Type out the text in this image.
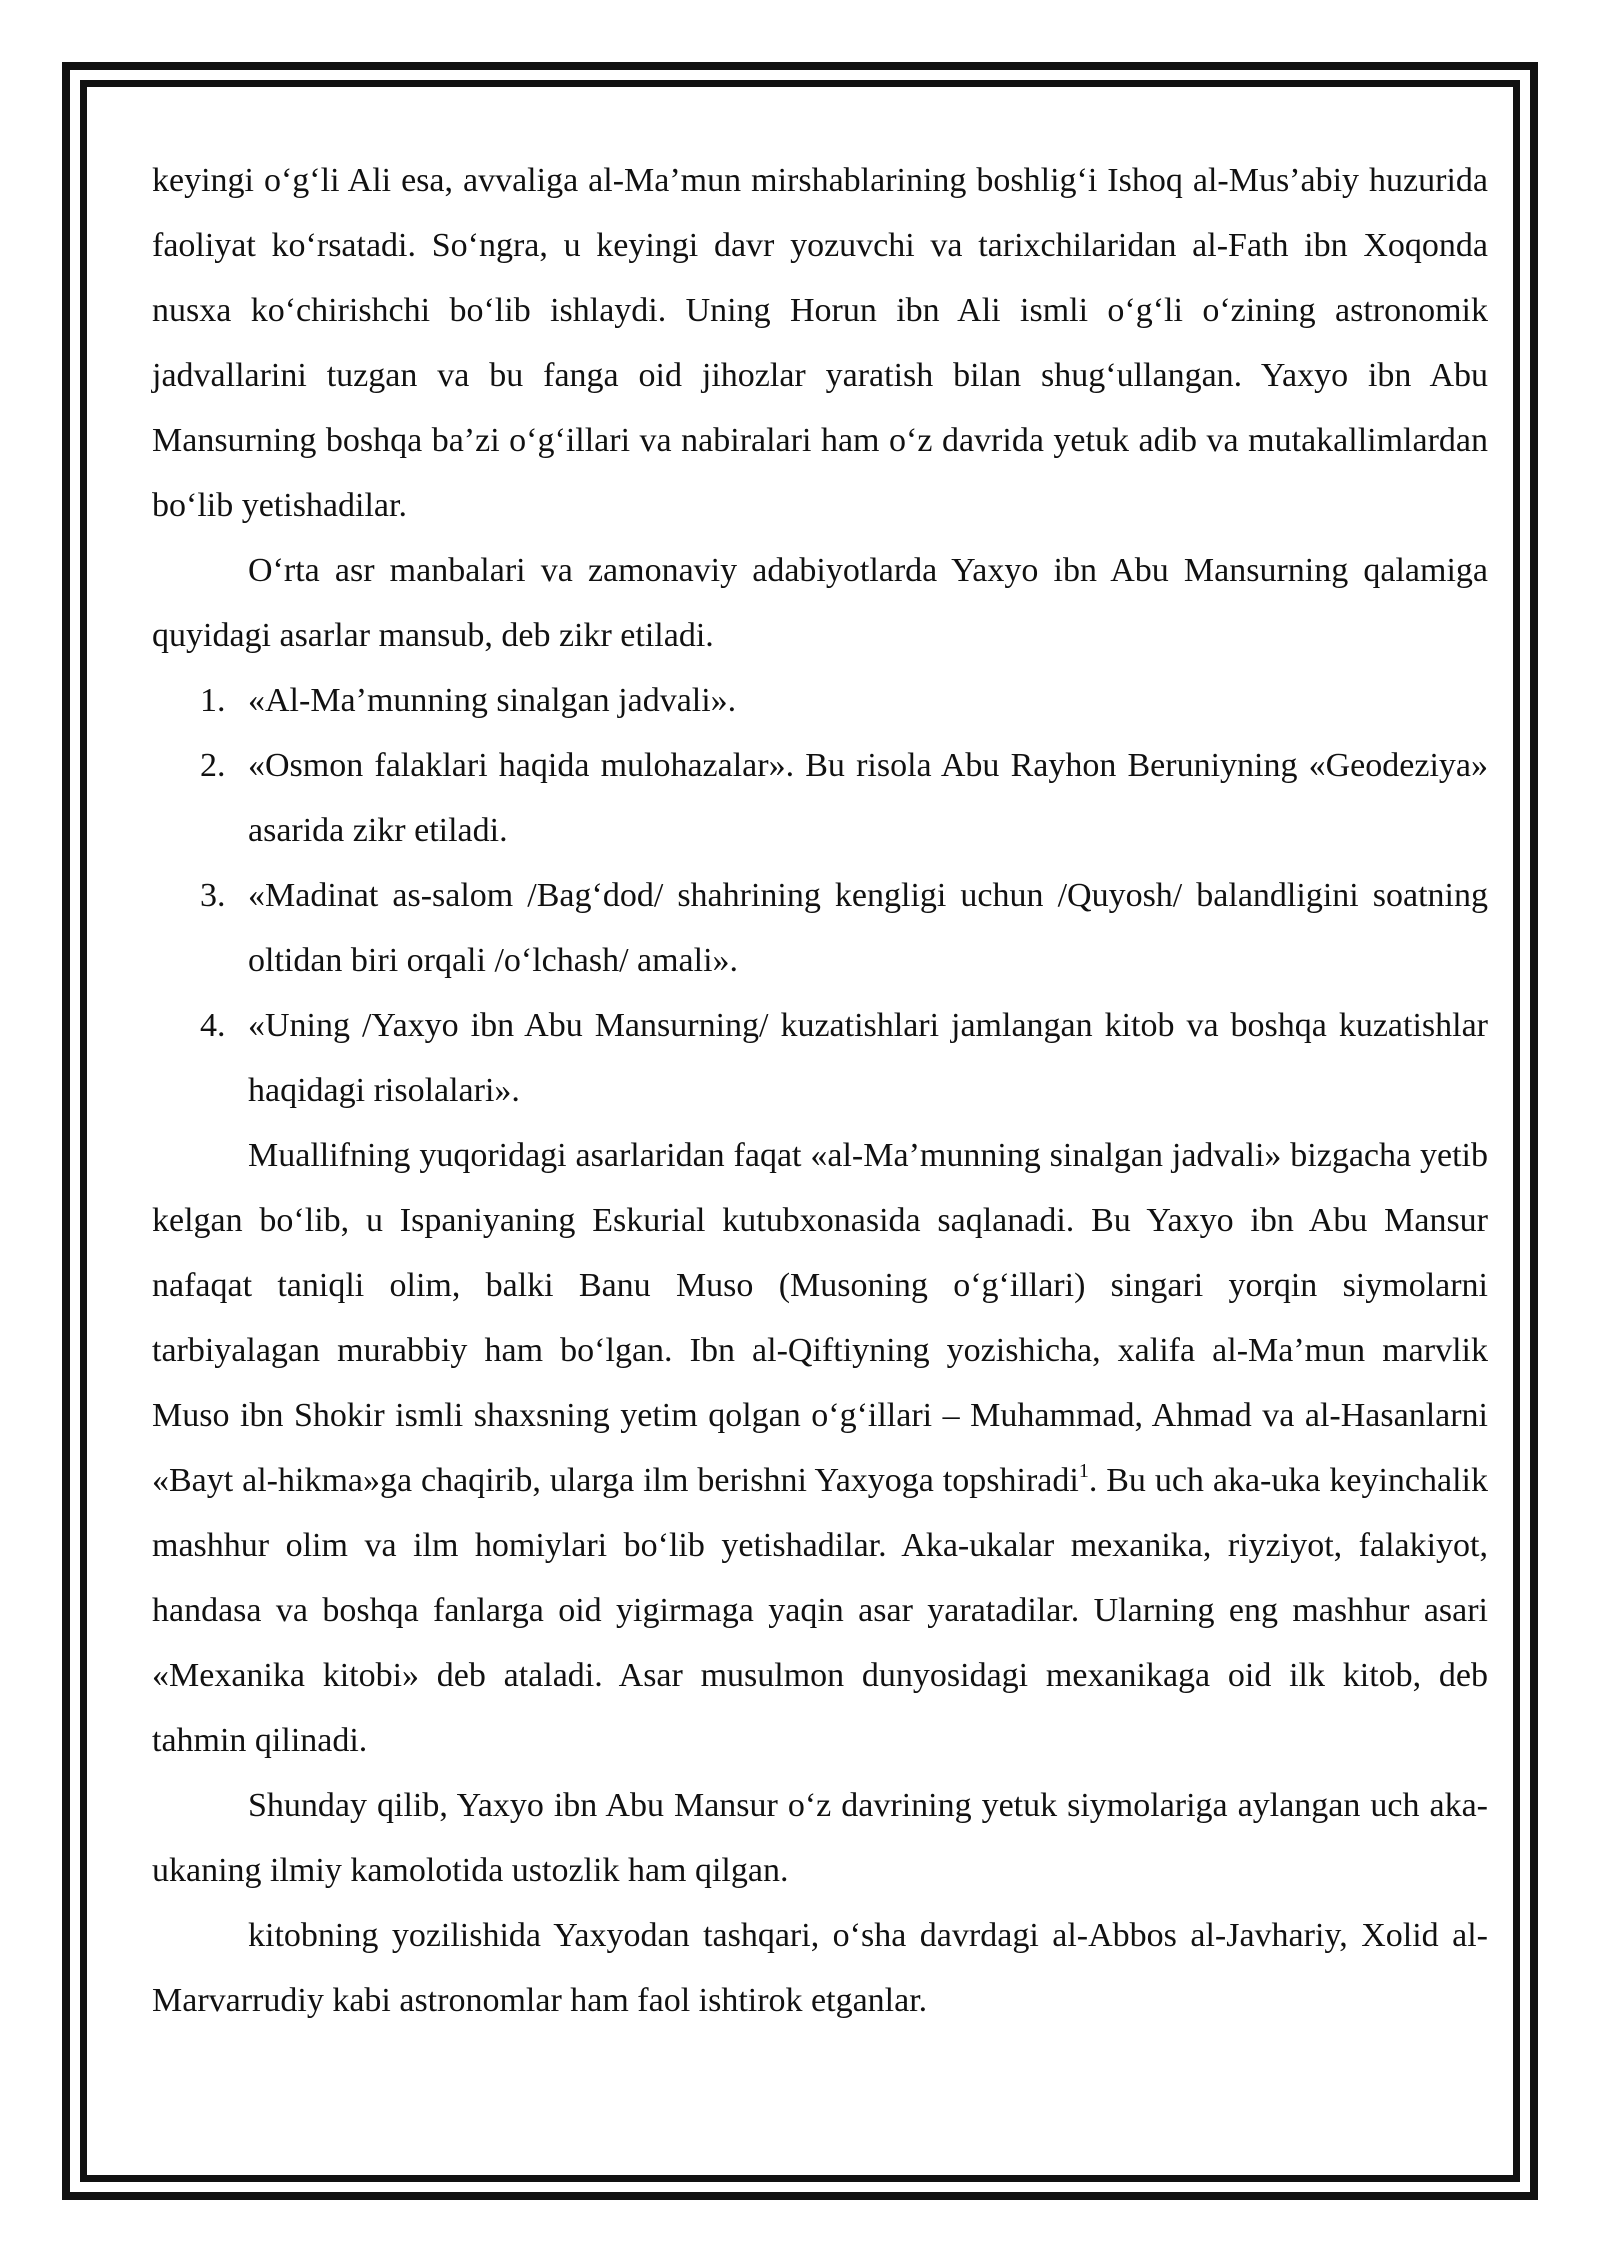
keyingi o‘g‘li Ali esa, avvaliga al-Ma’mun mirshablarining boshlig‘i Ishoq al-Mus’abiy huzurida faoliyat ko‘rsatadi. So‘ngra, u keyingi davr yozuvchi va tarixchilaridan al-Fath ibn Xoqonda nusxa ko‘chirishchi bo‘lib ishlaydi. Uning Horun ibn Ali ismli o‘g‘li o‘zining astronomik jadvallarini tuzgan va bu fanga oid jihozlar yaratish bilan shug‘ullangan. Yaxyo ibn Abu Mansurning boshqa ba’zi o‘g‘illari va nabiralari ham o‘z davrida yetuk adib va mutakallimlardan bo‘lib yetishadilar.

O‘rta asr manbalari va zamonaviy adabiyotlarda Yaxyo ibn Abu Mansurning qalamiga quyidagi asarlar mansub, deb zikr etiladi.

1. «Al-Ma’munning sinalgan jadvali».
2. «Osmon falaklari haqida mulohazalar». Bu risola Abu Rayhon Beruniyning «Geodeziya» asarida zikr etiladi.
3. «Madinat as-salom /Bag‘dod/ shahrining kengligi uchun /Quyosh/ balandligini soatning oltidan biri orqali /o‘lchash/ amali».
4. «Uning /Yaxyo ibn Abu Mansurning/ kuzatishlari jamlangan kitob va boshqa kuzatishlar haqidagi risolalari».

Muallifning yuqoridagi asarlaridan faqat «al-Ma’munning sinalgan jadvali» bizgacha yetib kelgan bo‘lib, u Ispaniyaning Eskurial kutubxonasida saqlanadi. Bu Yaxyo ibn Abu Mansur nafaqat taniqli olim, balki Banu Muso (Musoning o‘g‘illari) singari yorqin siymolarni tarbiyalagan murabbiy ham bo‘lgan. Ibn al-Qiftiyning yozishicha, xalifa al-Ma’mun marvlik Muso ibn Shokir ismli shaxsning yetim qolgan o‘g‘illari – Muhammad, Ahmad va al-Hasanlarni «Bayt al-hikma»ga chaqirib, ularga ilm berishni Yaxyoga topshiradi$^1$. Bu uch aka-uka keyinchalik mashhur olim va ilm homiylari bo‘lib yetishadilar. Aka-ukalar mexanika, riyziyot, falakiyot, handasa va boshqa fanlarga oid yigirmaga yaqin asar yaratadilar. Ularning eng mashhur asari «Mexanika kitobi» deb ataladi. Asar musulmon dunyosidagi mexanikaga oid ilk kitob, deb tahmin qilinadi.

Shunday qilib, Yaxyo ibn Abu Mansur o‘z davrining yetuk siymolariga aylangan uch aka-ukaning ilmiy kamolotida ustozlik ham qilgan.

kitobning yozilishida Yaxyodan tashqari, o‘sha davrdagi al-Abbos al-Javhariy, Xolid al-Marvarrudiy kabi astronomlar ham faol ishtirok etganlar.
